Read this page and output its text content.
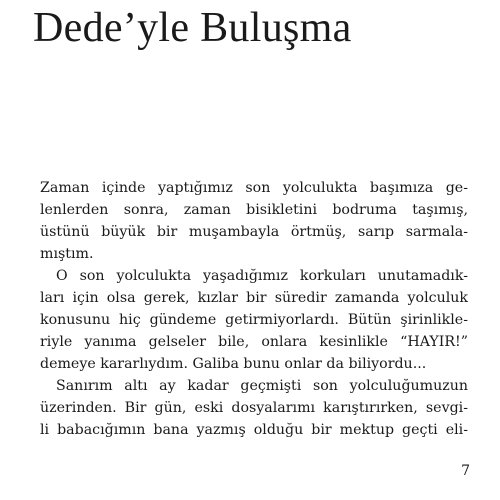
Dede’yle Buluşma
Zaman içinde yaptığımız son yolculukta başımıza ge-
lenlerden sonra, zaman bisikletini bodruma taşımış,
üstünü büyük bir muşambayla örtmüş, sarıp sarmala-
mıştım.
O son yolculukta yaşadığımız korkuları unutamadık-
ları için olsa gerek, kızlar bir süredir zamanda yolculuk
konusunu hiç gündeme getirmiyorlardı. Bütün şirinlikle-
riyle yanıma gelseler bile, onlara kesinlikle “HAYIR!”
demeye kararlıydım. Galiba bunu onlar da biliyordu...
Sanırım altı ay kadar geçmişti son yolculuğumuzun
üzerinden. Bir gün, eski dosyalarımı karıştırırken, sevgi-
li babacığımın bana yazmış olduğu bir mektup geçti eli-
7
